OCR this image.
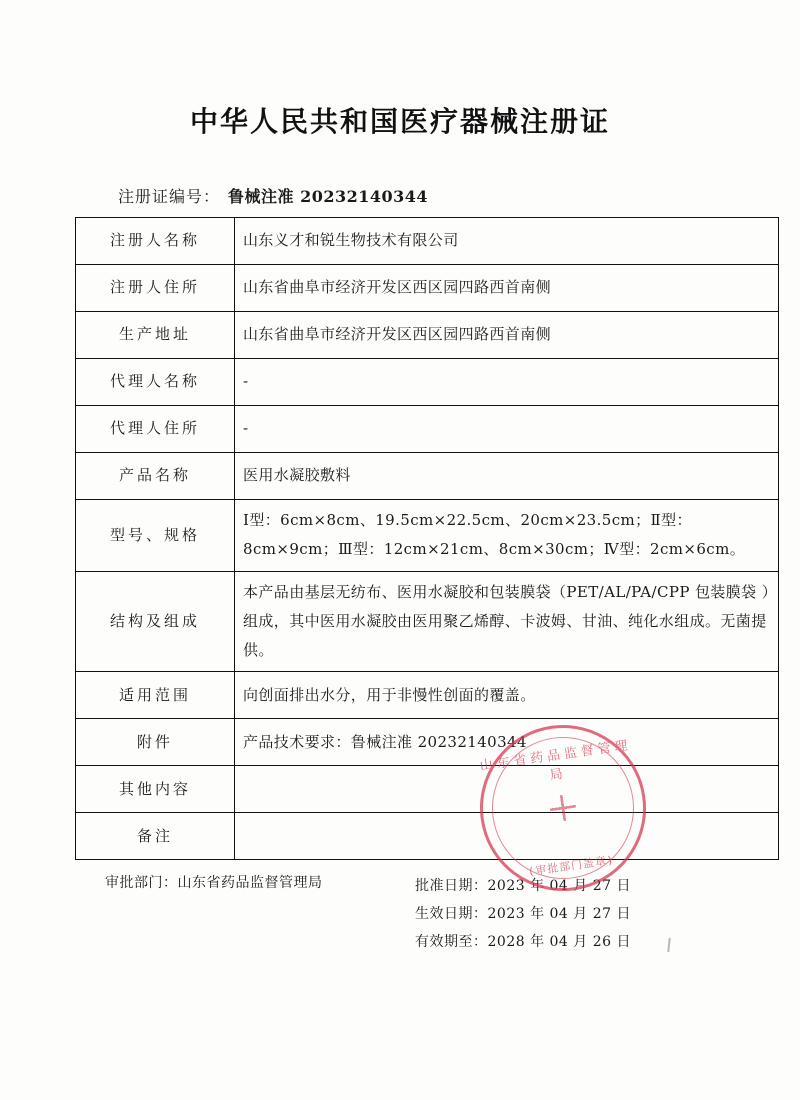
中华人民共和国医疗器械注册证
注册证编号： 鲁械注准 20232140344
注册人名称	山东义才和锐生物技术有限公司
注册人住所	山东省曲阜市经济开发区西区园四路西首南侧
生产地址	山东省曲阜市经济开发区西区园四路西首南侧
代理人名称	-
代理人住所	-
产品名称	医用水凝胶敷料
型号、规格	Ⅰ型：6cm×8cm、19.5cm×22.5cm、20cm×23.5cm；Ⅱ型：8cm×9cm；Ⅲ型：12cm×21cm、8cm×30cm；Ⅳ型：2cm×6cm。
结构及组成	本产品由基层无纺布、医用水凝胶和包装膜袋（PET/AL/PA/CPP 包装膜袋 ）组成，其中医用水凝胶由医用聚乙烯醇、卡波姆、甘油、纯化水组成。无菌提供。
适用范围	向创面排出水分，用于非慢性创面的覆盖。
附件	产品技术要求：鲁械注准 20232140344
其他内容	
备注	
审批部门：山东省药品监督管理局	批准日期：2023 年 04 月 27 日
生效日期：2023 年 04 月 27 日
有效期至：2028 年 04 月 26 日
山东省药品监督管理局
(审批部门盖章)
